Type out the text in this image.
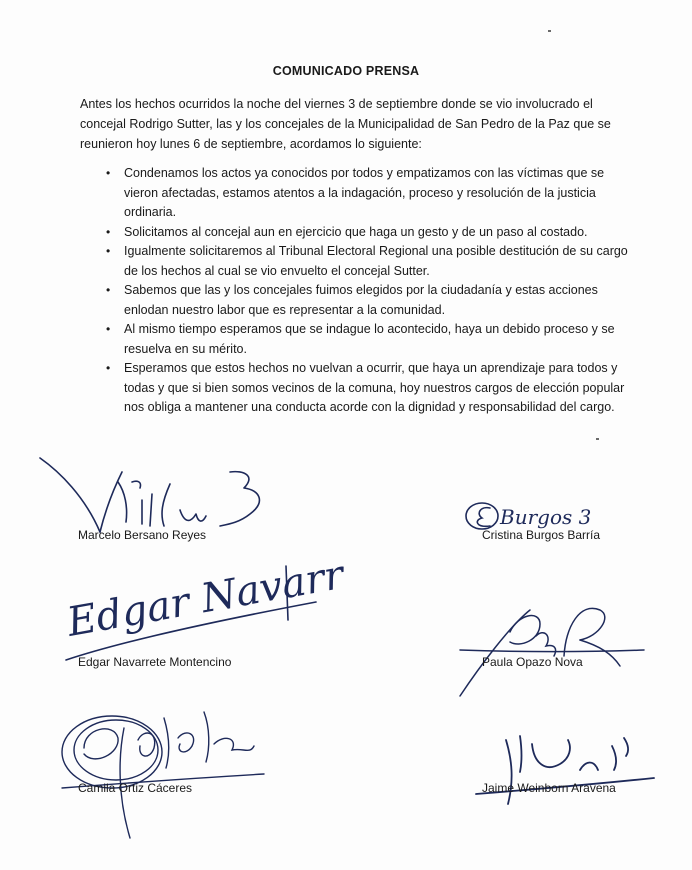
COMUNICADO PRENSA
Antes los hechos ocurridos la noche del viernes 3 de septiembre donde se vio involucrado el concejal Rodrigo Sutter, las y los concejales de la Municipalidad de San Pedro de la Paz que se reunieron hoy lunes 6 de septiembre, acordamos lo siguiente:
• Condenamos los actos ya conocidos por todos y empatizamos con las víctimas que se vieron afectadas, estamos atentos a la indagación, proceso y resolución de la justicia ordinaria.
• Solicitamos al concejal aun en ejercicio que haga un gesto y de un paso al costado.
• Igualmente solicitaremos al Tribunal Electoral Regional una posible destitución de su cargo de los hechos al cual se vio envuelto el concejal Sutter.
• Sabemos que las y los concejales fuimos elegidos por la ciudadanía y estas acciones enlodan nuestro labor que es representar a la comunidad.
• Al mismo tiempo esperamos que se indague lo acontecido, haya un debido proceso y se resuelva en su mérito.
• Esperamos que estos hechos no vuelvan a ocurrir, que haya un aprendizaje para todos y todas y que si bien somos vecinos de la comuna, hoy nuestros cargos de elección popular nos obliga a mantener una conducta acorde con la dignidad y responsabilidad del cargo.
Marcelo Bersano Reyes
Burgos 3
Cristina Burgos Barría
Edgar Navarr
Edgar Navarrete Montencino	Paula Opazo Nova
Camila Ortiz Cáceres	Jaime Weinborn Aravena
